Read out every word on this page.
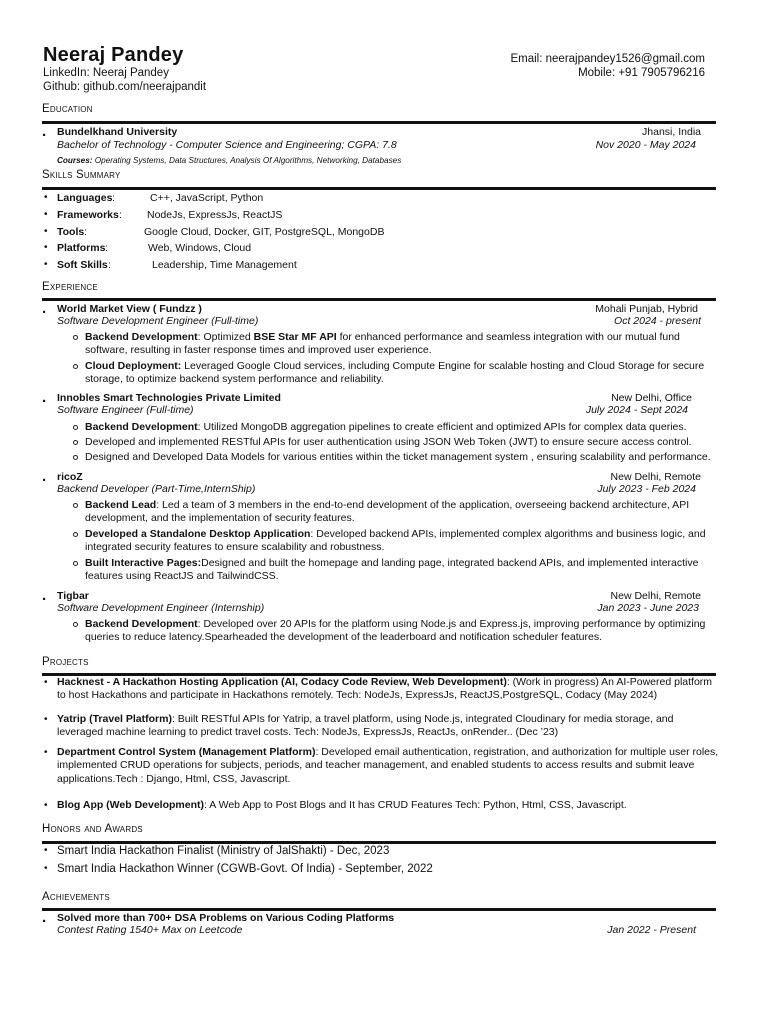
Neeraj Pandey
LinkedIn: Neeraj Pandey
Github: github.com/neerajpandit
Email: neerajpandey1526@gmail.com
Mobile: +91 7905796216
Education
. Bundelkhand University	Jhansi, India
Bachelor of Technology - Computer Science and Engineering; CGPA: 7.8	Nov 2020 - May 2024
Courses: Operating Systems, Data Structures, Analysis Of Algorithms, Networking, Databases
Skills Summary
• Languages :	C++, JavaScript, Python
• Frameworks : NodeJs, ExpressJs, ReactJS
• Tools :	Google Cloud, Docker, GIT, PostgreSQL, MongoDB
• Platforms :	Web, Windows, Cloud
• Soft Skills :	Leadership, Time Management
Experience
. World Market View ( Fundzz )	Mohali Punjab, Hybrid
Software Development Engineer (Full-time)	Oct 2024 - present
Backend Development: Optimized BSE Star MF API for enhanced performance and seamless integration with our mutual fund software, resulting in faster response times and improved user experience.
Cloud Deployment: Leveraged Google Cloud services, including Compute Engine for scalable hosting and Cloud Storage for secure storage, to optimize backend system performance and reliability.
. Innobles Smart Technologies Private Limited	New Delhi, Office
Software Engineer (Full-time)	July 2024 - Sept 2024
Backend Development: Utilized MongoDB aggregation pipelines to create efficient and optimized APIs for complex data queries.
Developed and implemented RESTful APIs for user authentication using JSON Web Token (JWT) to ensure secure access control.
Designed and Developed Data Models for various entities within the ticket management system , ensuring scalability and performance.
. ricoZ	New Delhi, Remote
Backend Developer (Part-Time,InternShip)	July 2023 - Feb 2024
Backend Lead: Led a team of 3 members in the end-to-end development of the application, overseeing backend architecture, API development, and the implementation of security features.
Developed a Standalone Desktop Application: Developed backend APIs, implemented complex algorithms and business logic, and integrated security features to ensure scalability and robustness.
Built Interactive Pages:Designed and built the homepage and landing page, integrated backend APIs, and implemented interactive features using ReactJS and TailwindCSS.
. Tigbar	New Delhi, Remote
Software Development Engineer (Internship)	Jan 2023 - June 2023
Backend Development: Developed over 20 APIs for the platform using Node.js and Express.js, improving performance by optimizing queries to reduce latency.Spearheaded the development of the leaderboard and notification scheduler features.
Projects
• Hacknest - A Hackathon Hosting Application (AI, Codacy Code Review, Web Development): (Work in progress) An AI-Powered platform to host Hackathons and participate in Hackathons remotely. Tech: NodeJs, ExpressJs, ReactJS,PostgreSQL, Codacy (May 2024)
• Yatrip (Travel Platform): Built RESTful APIs for Yatrip, a travel platform, using Node.js, integrated Cloudinary for media storage, and leveraged machine learning to predict travel costs. Tech: NodeJs, ExpressJs, ReactJs, onRender.. (Dec ’23)
• Department Control System (Management Platform): Developed email authentication, registration, and authorization for multiple user roles, implemented CRUD operations for subjects, periods, and teacher management, and enabled students to access results and submit leave applications.Tech : Django, Html, CSS, Javascript.
• Blog App (Web Development): A Web App to Post Blogs and It has CRUD Features Tech: Python, Html, CSS, Javascript.
Honors and Awards
• Smart India Hackathon Finalist (Ministry of JalShakti) - Dec, 2023
• Smart India Hackathon Winner (CGWB-Govt. Of India) - September, 2022
Achievements
. Solved more than 700+ DSA Problems on Various Coding Platforms
Contest Rating 1540+ Max on Leetcode	Jan 2022 - Present
